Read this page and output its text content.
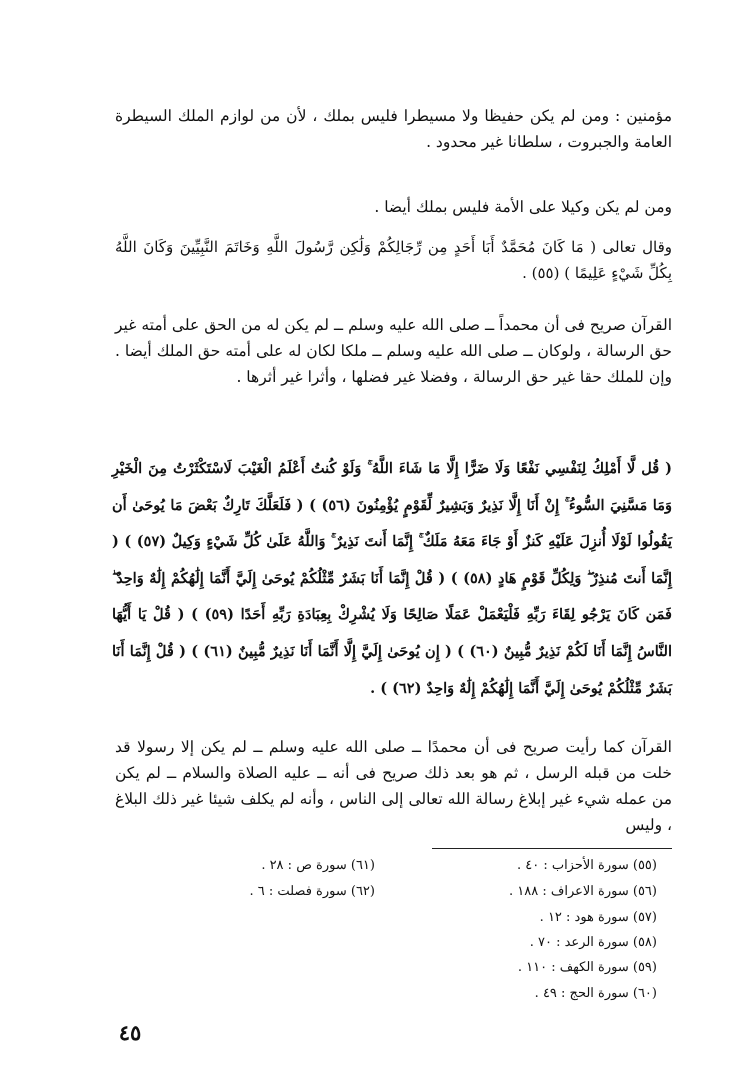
مؤمنين : ومن لم يكن حفيظا ولا مسيطرا فليس بملك ، لأن من لوازم الملك السيطرة العامة والجبروت ، سلطانا غير محدود .

ومن لم يكن وكيلا على الأمة فليس بملك أيضا .

وقال تعالى ( مَا كَانَ مُحَمَّدٌ أَبَا أَحَدٍ مِن رِّجَالِكُمْ وَلَٰكِن رَّسُولَ اللَّهِ وَخَاتَمَ النَّبِيِّينَ وَكَانَ اللَّهُ بِكُلِّ شَيْءٍ عَلِيمًا ) (٥٥) .

القرآن صريح فى أن محمداً ــ صلى الله عليه وسلم ــ لم يكن له من الحق على أمته غير حق الرسالة ، ولوكان ــ صلى الله عليه وسلم ــ ملكا لكان له على أمته حق الملك أيضا . وإن للملك حقا غير حق الرسالة ، وفضلا غير فضلها ، وأثرا غير أثرها .

( قُل لَّا أَمْلِكُ لِنَفْسِي نَفْعًا وَلَا ضَرًّا إِلَّا مَا شَاءَ اللَّهُ ۚ وَلَوْ كُنتُ أَعْلَمُ الْغَيْبَ لَاسْتَكْثَرْتُ مِنَ الْخَيْرِ وَمَا مَسَّنِيَ السُّوءُ ۚ إِنْ أَنَا إِلَّا نَذِيرٌ وَبَشِيرٌ لِّقَوْمٍ يُؤْمِنُونَ (٥٦) ) ( فَلَعَلَّكَ تَارِكٌ بَعْضَ مَا يُوحَىٰ أَن يَقُولُوا لَوْلَا أُنزِلَ عَلَيْهِ كَنزٌ أَوْ جَاءَ مَعَهُ مَلَكٌ ۚ إِنَّمَا أَنتَ نَذِيرٌ ۚ وَاللَّهُ عَلَىٰ كُلِّ شَيْءٍ وَكِيلٌ (٥٧) ) ( إِنَّمَا أَنتَ مُنذِرٌ ۖ وَلِكُلِّ قَوْمٍ هَادٍ (٥٨) ) ( قُلْ إِنَّمَا أَنَا بَشَرٌ مِّثْلُكُمْ يُوحَىٰ إِلَيَّ أَنَّمَا إِلَٰهُكُمْ إِلَٰهٌ وَاحِدٌ ۖ فَمَن كَانَ يَرْجُو لِقَاءَ رَبِّهِ فَلْيَعْمَلْ عَمَلًا صَالِحًا وَلَا يُشْرِكْ بِعِبَادَةِ رَبِّهِ أَحَدًا (٥٩) ) ( قُلْ يَا أَيُّهَا النَّاسُ إِنَّمَا أَنَا لَكُمْ نَذِيرٌ مُّبِينٌ (٦٠) ) ( إِن يُوحَىٰ إِلَيَّ إِلَّا أَنَّمَا أَنَا نَذِيرٌ مُّبِينٌ (٦١) ) ( قُلْ إِنَّمَا أَنَا بَشَرٌ مِّثْلُكُمْ يُوحَىٰ إِلَيَّ أَنَّمَا إِلَٰهُكُمْ إِلَٰهٌ وَاحِدٌ (٦٢) ) .

القرآن كما رأيت صريح فى أن محمدًا ــ صلى الله عليه وسلم ــ لم يكن إلا رسولا قد خلت من قبله الرسل ، ثم هو بعد ذلك صريح فى أنه ــ عليه الصلاة والسلام ــ لم يكن من عمله شيء غير إبلاغ رسالة الله تعالى إلى الناس ، وأنه لم يكلف شيئا غير ذلك البلاغ ، وليس

(٥٥) سورة الأحزاب : ٤٠ .
(٥٦) سورة الاعراف : ١٨٨ .
(٥٧) سورة هود : ١٢ .
(٥٨) سورة الرعد : ٧٠ .
(٥٩) سورة الكهف : ١١٠ .
(٦٠) سورة الحج : ٤٩ .
(٦١) سورة ص : ٢٨ .
(٦٢) سورة فصلت : ٦ .
٤٥
